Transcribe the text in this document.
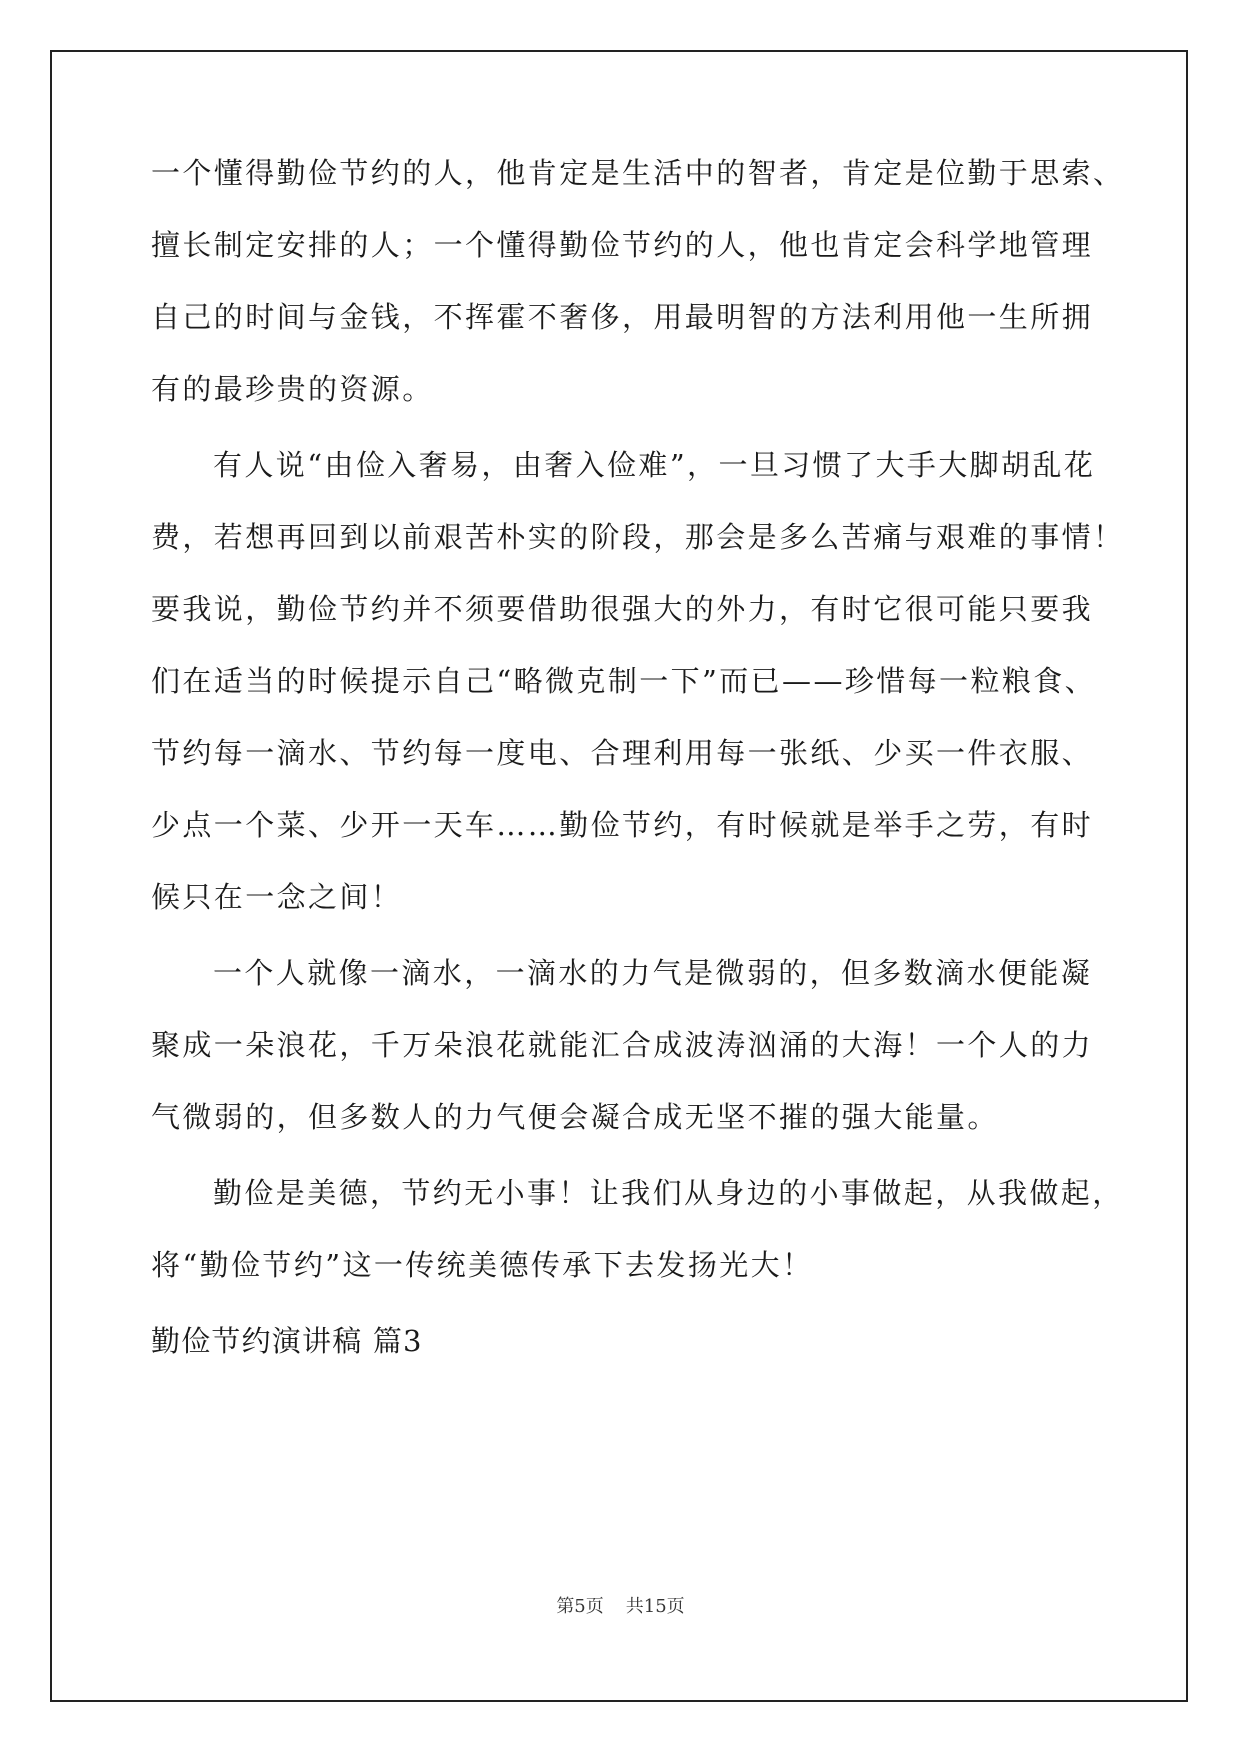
一个懂得勤俭节约的人，他肯定是生活中的智者，肯定是位勤于思索、
擅长制定安排的人；一个懂得勤俭节约的人，他也肯定会科学地管理
自己的时间与金钱，不挥霍不奢侈，用最明智的方法利用他一生所拥
有的最珍贵的资源。
有人说“由俭入奢易，由奢入俭难”，一旦习惯了大手大脚胡乱花
费，若想再回到以前艰苦朴实的阶段，那会是多么苦痛与艰难的事情！
要我说，勤俭节约并不须要借助很强大的外力，有时它很可能只要我
们在适当的时候提示自己“略微克制一下”而已——珍惜每一粒粮食、
节约每一滴水、节约每一度电、合理利用每一张纸、少买一件衣服、
少点一个菜、少开一天车……勤俭节约，有时候就是举手之劳，有时
候只在一念之间！
一个人就像一滴水，一滴水的力气是微弱的，但多数滴水便能凝
聚成一朵浪花，千万朵浪花就能汇合成波涛汹涌的大海！一个人的力
气微弱的，但多数人的力气便会凝合成无坚不摧的强大能量。
勤俭是美德，节约无小事！让我们从身边的小事做起，从我做起，
将“勤俭节约”这一传统美德传承下去发扬光大！
勤俭节约演讲稿 篇3
第5页 共15页
